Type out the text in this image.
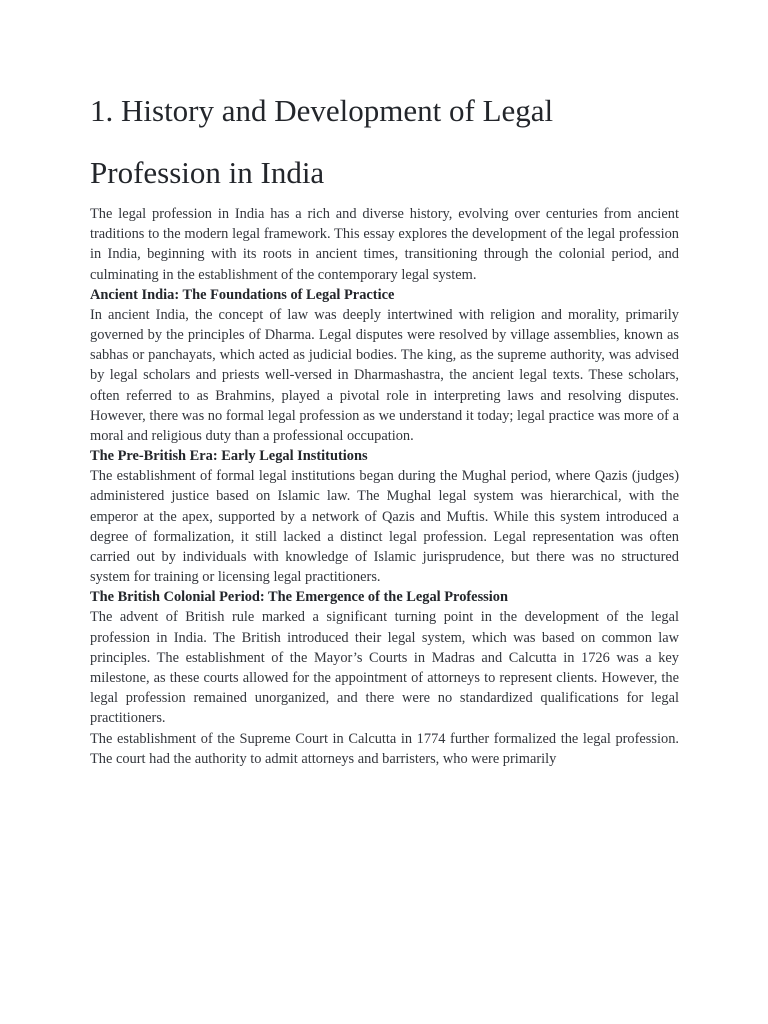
1. History and Development of Legal Profession in India

The legal profession in India has a rich and diverse history, evolving over centuries from ancient traditions to the modern legal framework. This essay explores the development of the legal profession in India, beginning with its roots in ancient times, transitioning through the colonial period, and culminating in the establishment of the contemporary legal system.

Ancient India: The Foundations of Legal Practice

In ancient India, the concept of law was deeply intertwined with religion and morality, primarily governed by the principles of Dharma. Legal disputes were resolved by village assemblies, known as sabhas or panchayats, which acted as judicial bodies. The king, as the supreme authority, was advised by legal scholars and priests well-versed in Dharmashastra, the ancient legal texts. These scholars, often referred to as Brahmins, played a pivotal role in interpreting laws and resolving disputes. However, there was no formal legal profession as we understand it today; legal practice was more of a moral and religious duty than a professional occupation.

The Pre-British Era: Early Legal Institutions

The establishment of formal legal institutions began during the Mughal period, where Qazis (judges) administered justice based on Islamic law. The Mughal legal system was hierarchical, with the emperor at the apex, supported by a network of Qazis and Muftis. While this system introduced a degree of formalization, it still lacked a distinct legal profession. Legal representation was often carried out by individuals with knowledge of Islamic jurisprudence, but there was no structured system for training or licensing legal practitioners.

The British Colonial Period: The Emergence of the Legal Profession

The advent of British rule marked a significant turning point in the development of the legal profession in India. The British introduced their legal system, which was based on common law principles. The establishment of the Mayor’s Courts in Madras and Calcutta in 1726 was a key milestone, as these courts allowed for the appointment of attorneys to represent clients. However, the legal profession remained unorganized, and there were no standardized qualifications for legal practitioners.

The establishment of the Supreme Court in Calcutta in 1774 further formalized the legal profession. The court had the authority to admit attorneys and barristers, who were primarily
